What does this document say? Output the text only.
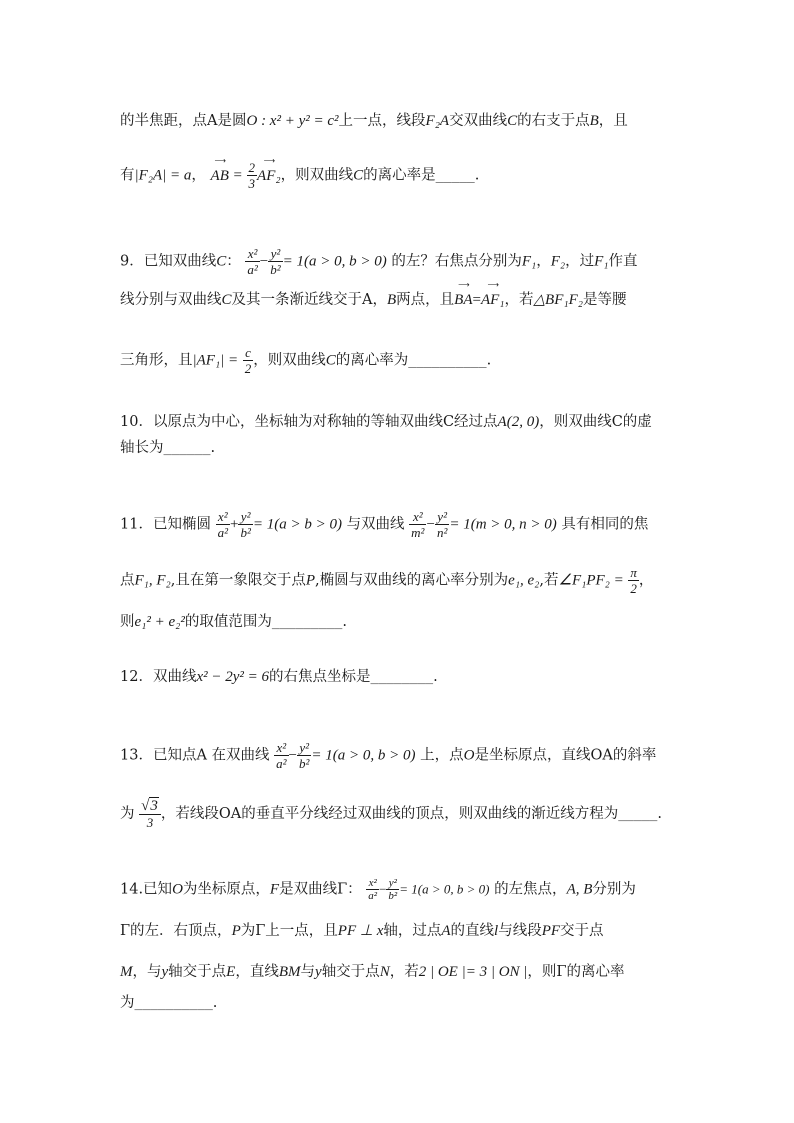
的半焦距，点A是圆O : x² + y² = c²上一点，线段F₂A交双曲线C的右支于点B，且
有|F₂A| = a，
⟶
AB = $\frac{2}{3}$ ⟶
AF₂，则双曲线C的离心率是_____.
9．已知双曲线C： $\frac{\text{x²}}{\text{a²}} - \frac{\text{y²}}{\text{b²}} = 1(a > 0$, b > 0) 的左？右焦点分别为F₁，F₂，过F₁作直
线分别与双曲线C及其一条渐近线交于A，B两点，且
⟶
BA=
⟶
AF₁，若△BF₁F₂是等腰
三角形，且$|AF_1| = \frac{c}{2}$ ，则双曲线C的离心率为__________.
10．以原点为中心，坐标轴为对称轴的等轴双曲线C经过点A(2, 0)，则双曲线C的虚
轴长为______.
11．已知椭圆 $\frac{\text{x²}}{\text{a²}} + \frac{\text{y²}}{\text{b²}} = 1(a > b > 0)$ 与双曲线 $\frac{\text{x²}}{\text{m²}} - \frac{\text{y²}}{\text{n²}} = 1(m > 0$, n > 0) 具有相同的焦
点F₁, F₂,且在第一象限交于点P,椭圆与双曲线的离心率分别为e₁, e₂,若∠F₁PF₂ = $\frac{\pi}{2}$ ，
则e₁² + e₂²的取值范围为_________.
12．双曲线x² − 2y² = 6的右焦点坐标是________.
13．已知点A 在双曲线 $\frac{\text{x²}}{\text{a²}} - \frac{\text{y²}}{\text{b²}} = 1(a > 0$, b > 0) 上，点O是坐标原点，直线OA的斜率
为 $\frac{√3}{3}$ ，若线段OA的垂直平分线经过双曲线的顶点，则双曲线的渐近线方程为_____.
14.已知O为坐标原点，F是双曲线Γ： $\frac{\text{x²}}{\text{a²}} - \frac{\text{y²}}{\text{b²}} = 1(a > 0$, b > 0) 的左焦点，A, B分别为
Γ的左．右顶点，P为Γ上一点，且PF ⊥ x轴，过点A的直线l与线段PF交于点
M，与y轴交于点E，直线BM与y轴交于点N，若2 | OE |= 3 | ON |，则Γ的离心率
为__________.
